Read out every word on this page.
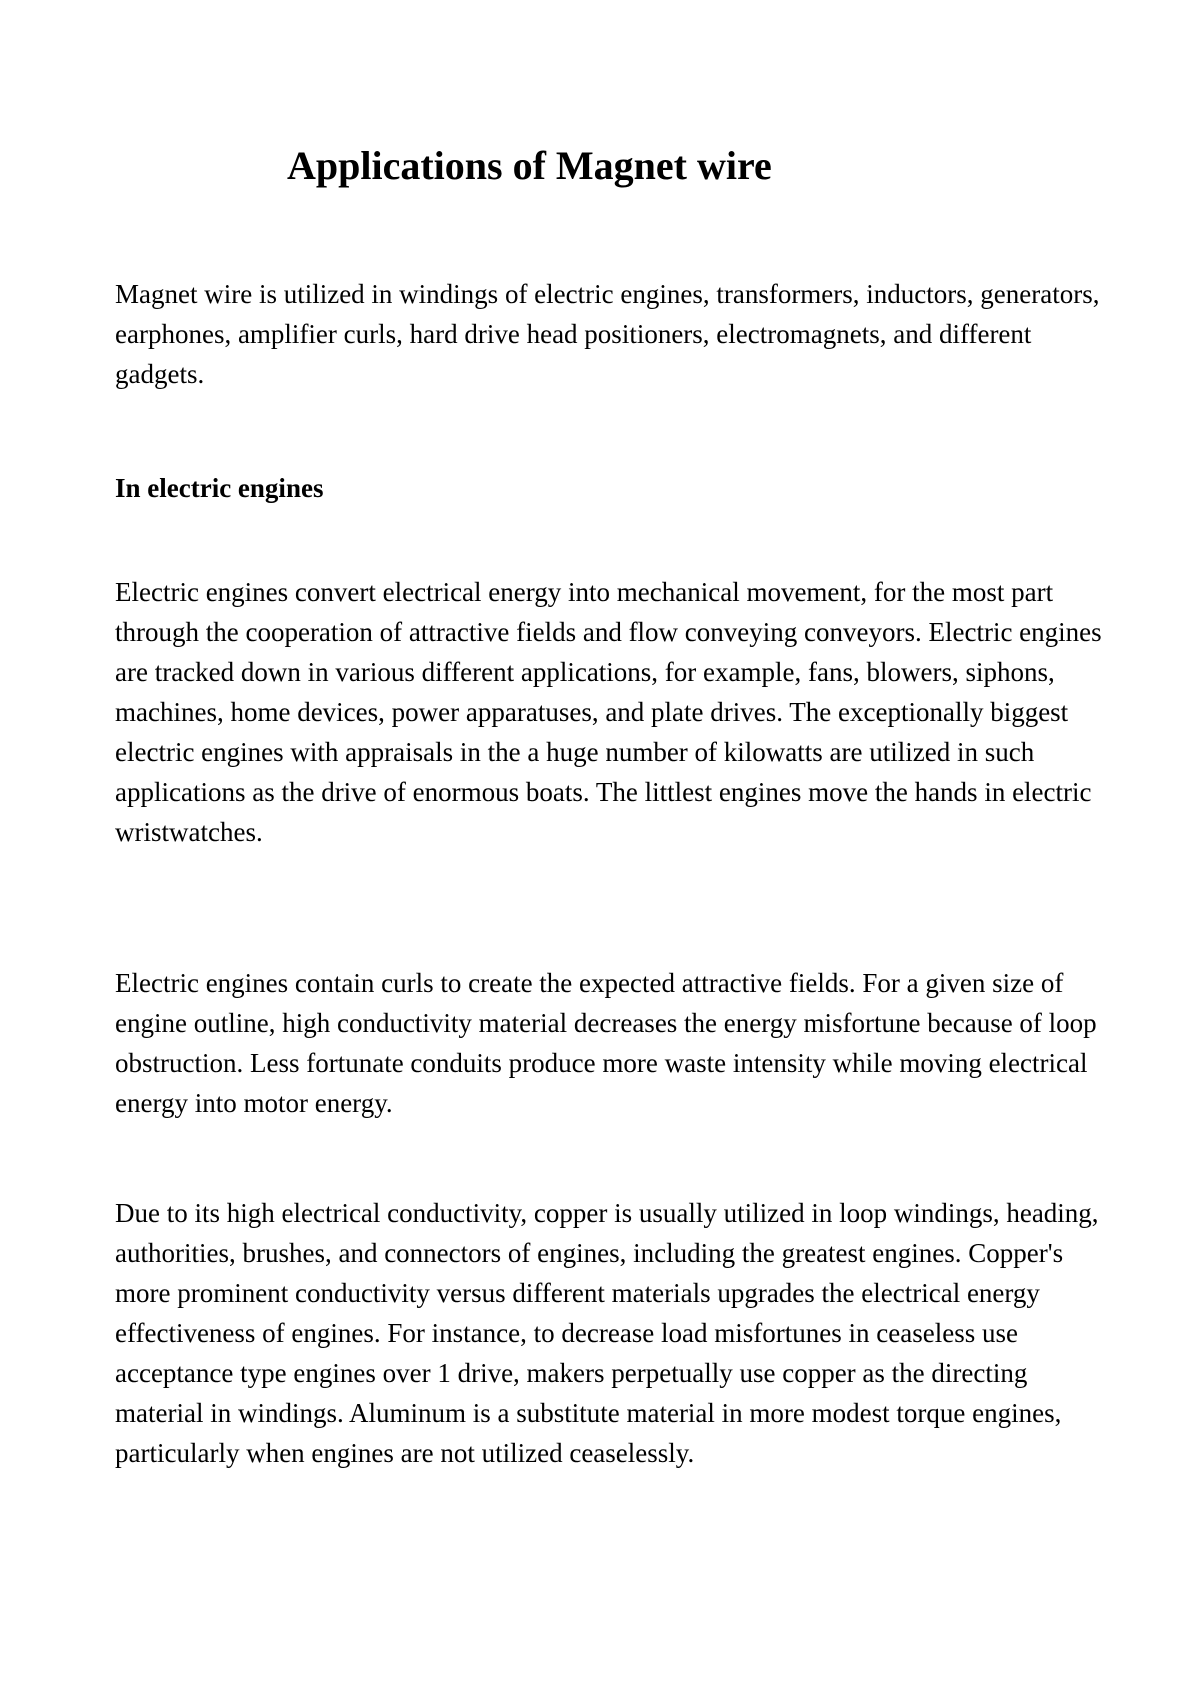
Applications of Magnet wire

Magnet wire is utilized in windings of electric engines, transformers, inductors, generators, earphones, amplifier curls, hard drive head positioners, electromagnets, and different gadgets.

In electric engines

Electric engines convert electrical energy into mechanical movement, for the most part through the cooperation of attractive fields and flow conveying conveyors. Electric engines are tracked down in various different applications, for example, fans, blowers, siphons, machines, home devices, power apparatuses, and plate drives. The exceptionally biggest electric engines with appraisals in the a huge number of kilowatts are utilized in such applications as the drive of enormous boats. The littlest engines move the hands in electric wristwatches.

Electric engines contain curls to create the expected attractive fields. For a given size of engine outline, high conductivity material decreases the energy misfortune because of loop obstruction. Less fortunate conduits produce more waste intensity while moving electrical energy into motor energy.

Due to its high electrical conductivity, copper is usually utilized in loop windings, heading, authorities, brushes, and connectors of engines, including the greatest engines. Copper's more prominent conductivity versus different materials upgrades the electrical energy effectiveness of engines. For instance, to decrease load misfortunes in ceaseless use acceptance type engines over 1 drive, makers perpetually use copper as the directing material in windings. Aluminum is a substitute material in more modest torque engines, particularly when engines are not utilized ceaselessly.
